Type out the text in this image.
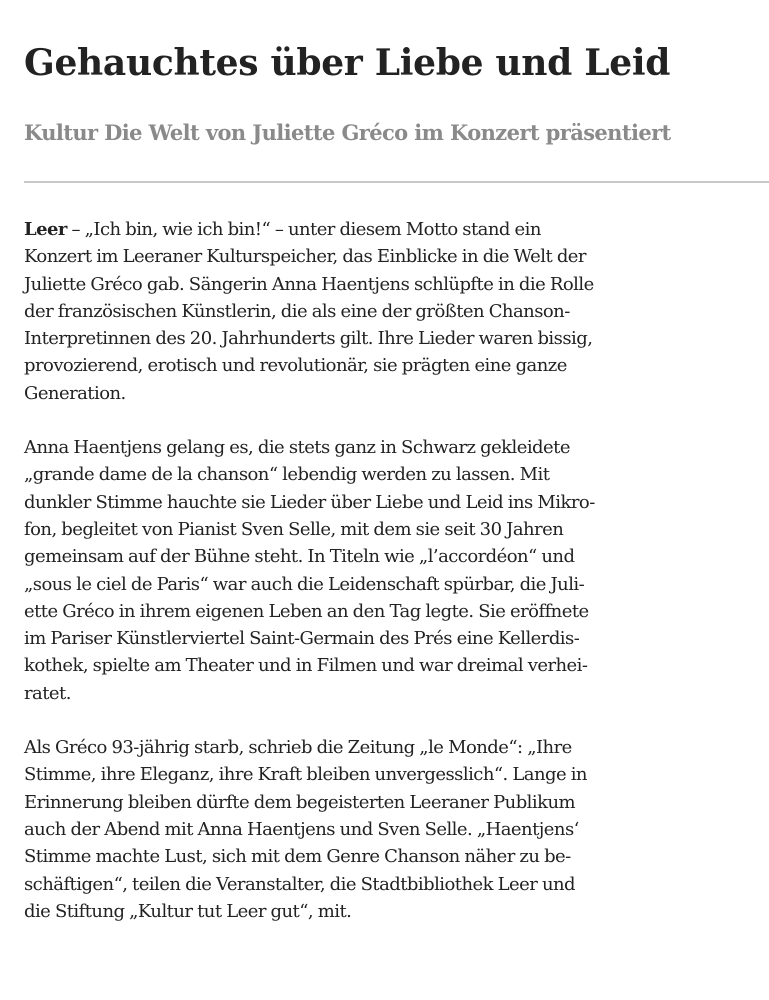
Gehauchtes über Liebe und Leid
Kultur Die Welt von Juliette Gréco im Konzert präsentiert

Leer – „Ich bin, wie ich bin!“ – unter diesem Motto stand ein
Konzert im Leeraner Kulturspeicher, das Einblicke in die Welt der
Juliette Gréco gab. Sängerin Anna Haentjens schlüpfte in die Rolle
der französischen Künstlerin, die als eine der größten Chanson-
Interpretinnen des 20. Jahrhunderts gilt. Ihre Lieder waren bissig,
provozierend, erotisch und revolutionär, sie prägten eine ganze
Generation.

Anna Haentjens gelang es, die stets ganz in Schwarz gekleidete
„grande dame de la chanson“ lebendig werden zu lassen. Mit
dunkler Stimme hauchte sie Lieder über Liebe und Leid ins Mikro-
fon, begleitet von Pianist Sven Selle, mit dem sie seit 30 Jahren
gemeinsam auf der Bühne steht. In Titeln wie „l’accordéon“ und
„sous le ciel de Paris“ war auch die Leidenschaft spürbar, die Juli-
ette Gréco in ihrem eigenen Leben an den Tag legte. Sie eröffnete
im Pariser Künstlerviertel Saint-Germain des Prés eine Kellerdis-
kothek, spielte am Theater und in Filmen und war dreimal verhei-
ratet.

Als Gréco 93-jährig starb, schrieb die Zeitung „le Monde“: „Ihre
Stimme, ihre Eleganz, ihre Kraft bleiben unvergesslich“. Lange in
Erinnerung bleiben dürfte dem begeisterten Leeraner Publikum
auch der Abend mit Anna Haentjens und Sven Selle. „Haentjens‘
Stimme machte Lust, sich mit dem Genre Chanson näher zu be-
schäftigen“, teilen die Veranstalter, die Stadtbibliothek Leer und
die Stiftung „Kultur tut Leer gut“, mit.
